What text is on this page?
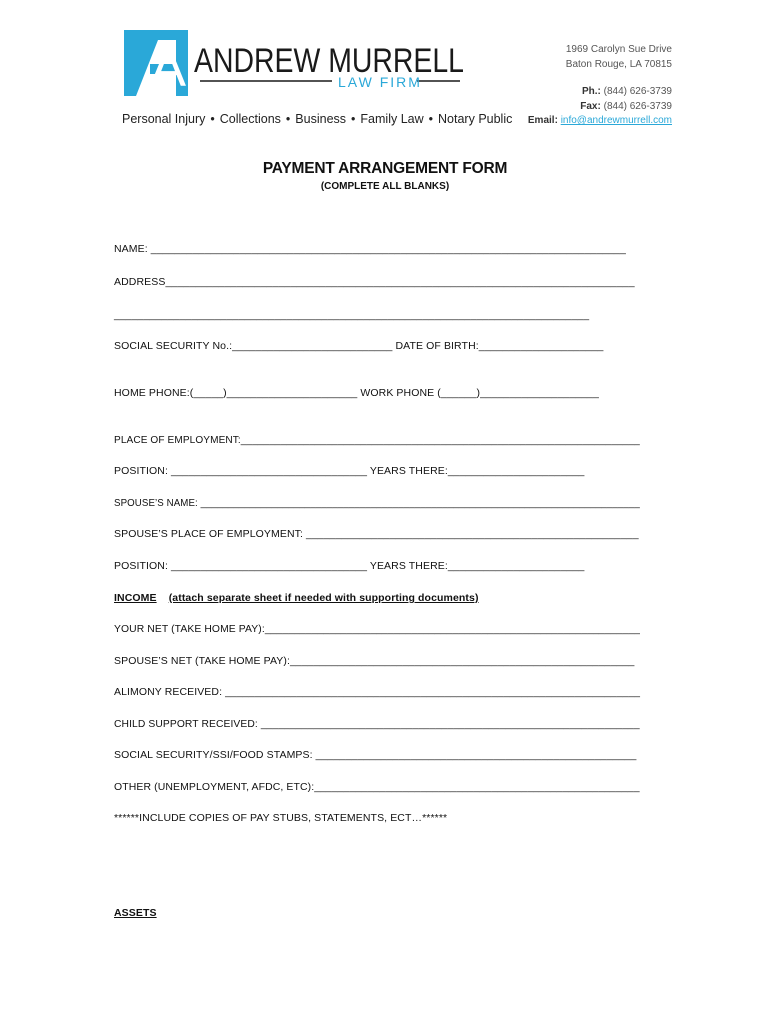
A ANDREW MURRELL
LAW FIRM
Personal Injury • Collections • Business • Family Law • Notary Public
1969 Carolyn Sue Drive
Baton Rouge, LA 70815
Ph.: (844) 626-3739
Fax: (844) 626-3739
Email: info@andrewmurrell.com
PAYMENT ARRANGEMENT FORM
(COMPLETE ALL BLANKS)
NAME: ________________________________________________________________________________
ADDRESS_______________________________________________________________________________
________________________________________________________________________________
SOCIAL SECURITY No.:___________________________ DATE OF BIRTH:_____________________
HOME PHONE:(_____)______________________ WORK PHONE (______)____________________
PLACE OF EMPLOYMENT:______________________________________________________________________
POSITION: _________________________________ YEARS THERE:_______________________
SPOUSE’S NAME: ________________________________________________________________________________
SPOUSE’S PLACE OF EMPLOYMENT: ________________________________________________________
POSITION: _________________________________ YEARS THERE:_______________________
INCOME (attach separate sheet if needed with supporting documents)
YOUR NET (TAKE HOME PAY):________________________________________________________________
SPOUSE’S NET (TAKE HOME PAY):__________________________________________________________
ALIMONY RECEIVED: ______________________________________________________________________
CHILD SUPPORT RECEIVED: _________________________________________________________________
SOCIAL SECURITY/SSI/FOOD STAMPS: ______________________________________________________
OTHER (UNEMPLOYMENT, AFDC, ETC):_______________________________________________________
******INCLUDE COPIES OF PAY STUBS, STATEMENTS, ECT…******
ASSETS
